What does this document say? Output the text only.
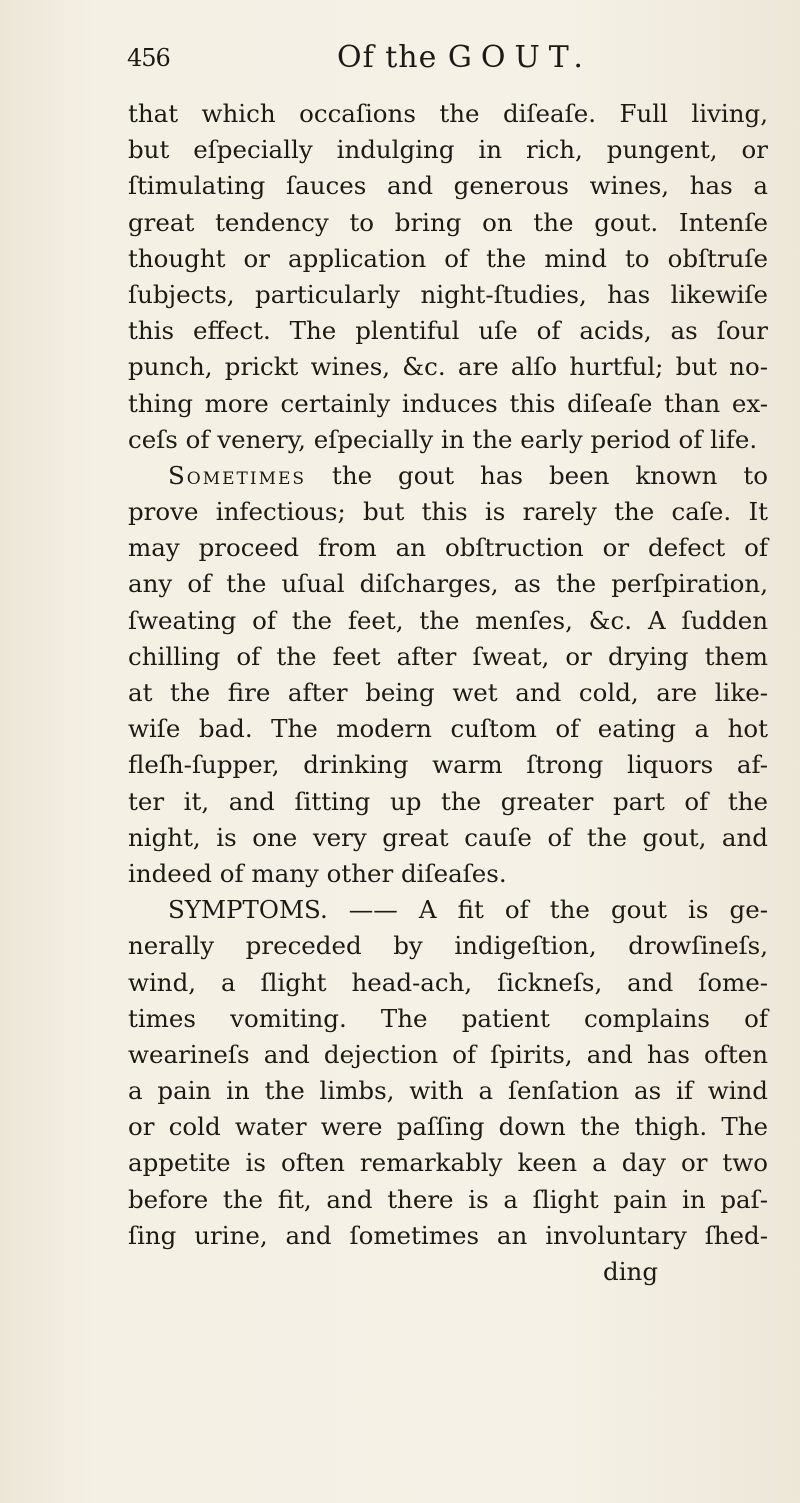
456	Of the GOUT.
that which occaſions the diſeaſe. Full living,
but eſpecially indulging in rich, pungent, or
ſtimulating ſauces and generous wines, has a
great tendency to bring on the gout. Intenſe
thought or application of the mind to obſtruſe
ſubjects, particularly night-ſtudies, has likewiſe
this effect. The plentiful uſe of acids, as ſour
punch, prickt wines, &c. are alſo hurtful; but no-
thing more certainly induces this diſeaſe than ex-
ceſs of venery, eſpecially in the early period of life.
Sometimes the gout has been known to
prove infectious; but this is rarely the caſe. It
may proceed from an obſtruction or defect of
any of the uſual diſcharges, as the perſpiration,
ſweating of the feet, the menſes, &c. A ſudden
chilling of the feet after ſweat, or drying them
at the fire after being wet and cold, are like-
wiſe bad. The modern cuſtom of eating a hot
fleſh-ſupper, drinking warm ſtrong liquors af-
ter it, and ſitting up the greater part of the
night, is one very great cauſe of the gout, and
indeed of many other diſeaſes.
SYMPTOMS. —— A fit of the gout is ge-
nerally preceded by indigeſtion, drowſineſs,
wind, a ſlight head-ach, ſickneſs, and ſome-
times vomiting. The patient complains of
wearineſs and dejection of ſpirits, and has often
a pain in the limbs, with a ſenſation as if wind
or cold water were paſſing down the thigh. The
appetite is often remarkably keen a day or two
before the fit, and there is a ſlight pain in paſ-
ſing urine, and ſometimes an involuntary ſhed-
ding
